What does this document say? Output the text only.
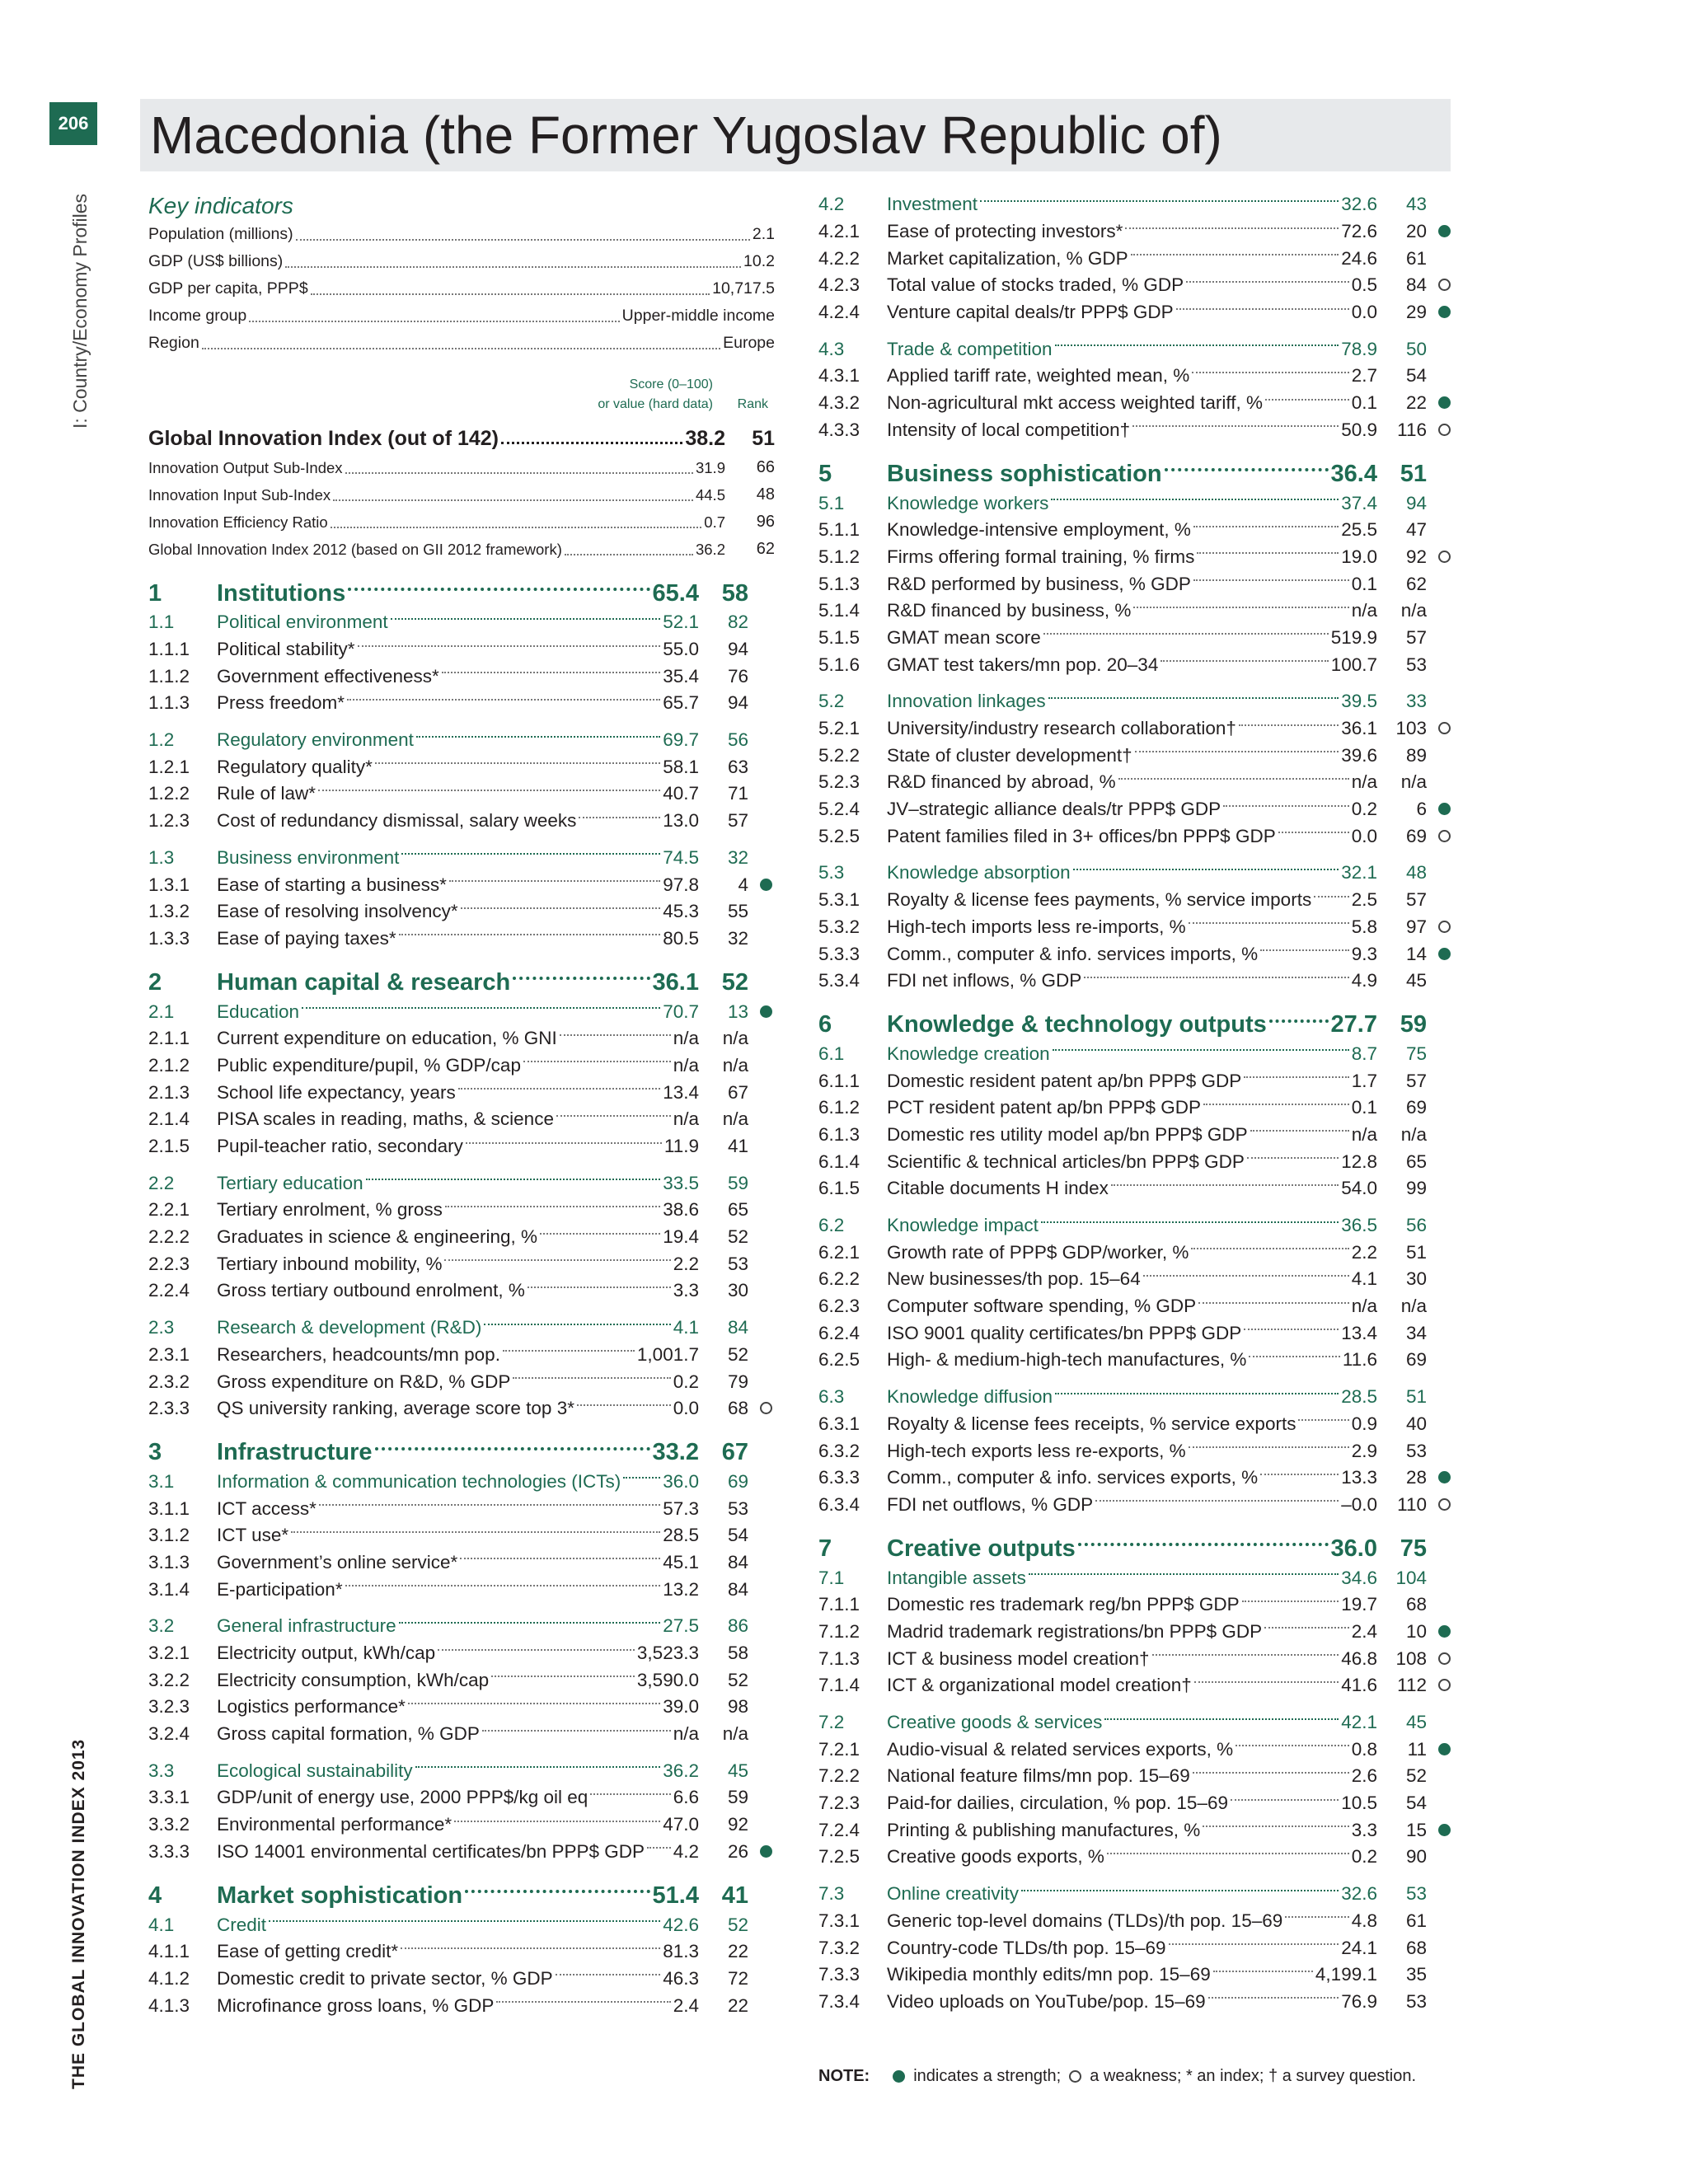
206
I: Country/Economy Profiles
THE GLOBAL INNOVATION INDEX 2013
Macedonia (the Former Yugoslav Republic of)
Key indicators
Population (millions)	2.1
GDP (US$ billions)	10.2
GDP per capita, PPP$	10,717.5
Income group	Upper-middle income
Region	Europe
Score (0–100)
or value (hard data) Rank
Global Innovation Index (out of 142)	38.2	51
Innovation Output Sub-Index	31.9	66
Innovation Input Sub-Index	44.5	48
Innovation Efficiency Ratio	0.7	96
Global Innovation Index 2012 (based on GII 2012 framework)	36.2	62
1	Institutions	65.4 58
1.1	Political environment	52.1	82
1.1.1	Political stability*	55.0	94
1.1.2	Government effectiveness*	35.4	76
1.1.3	Press freedom*	65.7	94
1.2	Regulatory environment	69.7	56
1.2.1	Regulatory quality*	58.1	63
1.2.2	Rule of law*	40.7	71
1.2.3	Cost of redundancy dismissal, salary weeks	13.0	57
1.3	Business environment	74.5	32
1.3.1	Ease of starting a business*	97.8	4
1.3.2	Ease of resolving insolvency*	45.3	55
1.3.3	Ease of paying taxes*	80.5	32
2	Human capital & research	36.1 52
2.1	Education	70.7	13
2.1.1	Current expenditure on education, % GNI	n/a	n/a
2.1.2	Public expenditure/pupil, % GDP/cap	n/a	n/a
2.1.3	School life expectancy, years	13.4	67
2.1.4	PISA scales in reading, maths, & science	n/a	n/a
2.1.5	Pupil-teacher ratio, secondary	11.9	41
2.2	Tertiary education	33.5	59
2.2.1	Tertiary enrolment, % gross	38.6	65
2.2.2	Graduates in science & engineering, %	19.4	52
2.2.3	Tertiary inbound mobility, %	2.2	53
2.2.4	Gross tertiary outbound enrolment, %	3.3	30
2.3	Research & development (R&D)	4.1	84
2.3.1	Researchers, headcounts/mn pop.	1,001.7	52
2.3.2	Gross expenditure on R&D, % GDP	0.2	79
2.3.3	QS university ranking, average score top 3*	0.0	68
3	Infrastructure	33.2 67
3.1	Information & communication technologies (ICTs) 36.0	69
3.1.1	ICT access*	57.3	53
3.1.2	ICT use*	28.5	54
3.1.3	Government’s online service*	45.1	84
3.1.4	E-participation*	13.2	84
3.2	General infrastructure	27.5	86
3.2.1	Electricity output, kWh/cap	3,523.3	58
3.2.2	Electricity consumption, kWh/cap	3,590.0	52
3.2.3	Logistics performance*	39.0	98
3.2.4	Gross capital formation, % GDP	n/a	n/a
3.3	Ecological sustainability	36.2	45
3.3.1	GDP/unit of energy use, 2000 PPP$/kg oil eq	6.6	59
3.3.2	Environmental performance*	47.0	92
3.3.3	ISO 14001 environmental certificates/bn PPP$ GDP 4.2	26
4	Market sophistication	51.4 41
4.1	Credit	42.6	52
4.1.1	Ease of getting credit*	81.3	22
4.1.2	Domestic credit to private sector, % GDP	46.3	72
4.1.3	Microfinance gross loans, % GDP	2.4	22
4.2	Investment	32.6	43
4.2.1	Ease of protecting investors*	72.6	20
4.2.2	Market capitalization, % GDP	24.6	61
4.2.3	Total value of stocks traded, % GDP	0.5	84
4.2.4	Venture capital deals/tr PPP$ GDP	0.0	29
4.3	Trade & competition	78.9	50
4.3.1	Applied tariff rate, weighted mean, %	2.7	54
4.3.2	Non-agricultural mkt access weighted tariff, %	0.1	22
4.3.3	Intensity of local competition†	50.9	116
5	Business sophistication	36.4 51
5.1	Knowledge workers	37.4	94
5.1.1	Knowledge-intensive employment, %	25.5	47
5.1.2	Firms offering formal training, % firms	19.0	92
5.1.3	R&D performed by business, % GDP	0.1	62
5.1.4	R&D financed by business, %	n/a	n/a
5.1.5	GMAT mean score	519.9	57
5.1.6	GMAT test takers/mn pop. 20–34	100.7	53
5.2	Innovation linkages	39.5	33
5.2.1	University/industry research collaboration†	36.1 103
5.2.2	State of cluster development†	39.6	89
5.2.3	R&D financed by abroad, %	n/a	n/a
5.2.4	JV–strategic alliance deals/tr PPP$ GDP	0.2	6
5.2.5	Patent families filed in 3+ offices/bn PPP$ GDP	0.0	69
5.3	Knowledge absorption	32.1	48
5.3.1	Royalty & license fees payments, % service imports 2.5	57
5.3.2	High-tech imports less re-imports, %	5.8	97
5.3.3	Comm., computer & info. services imports, %	9.3	14
5.3.4	FDI net inflows, % GDP	4.9	45
6	Knowledge & technology outputs	27.7 59
6.1	Knowledge creation	8.7	75
6.1.1	Domestic resident patent ap/bn PPP$ GDP	1.7	57
6.1.2	PCT resident patent ap/bn PPP$ GDP	0.1	69
6.1.3	Domestic res utility model ap/bn PPP$ GDP	n/a	n/a
6.1.4	Scientific & technical articles/bn PPP$ GDP	12.8	65
6.1.5	Citable documents H index	54.0	99
6.2	Knowledge impact	36.5	56
6.2.1	Growth rate of PPP$ GDP/worker, %	2.2	51
6.2.2	New businesses/th pop. 15–64	4.1	30
6.2.3	Computer software spending, % GDP	n/a	n/a
6.2.4	ISO 9001 quality certificates/bn PPP$ GDP	13.4	34
6.2.5	High- & medium-high-tech manufactures, %	11.6	69
6.3	Knowledge diffusion	28.5	51
6.3.1	Royalty & license fees receipts, % service exports	0.9	40
6.3.2	High-tech exports less re-exports, %	2.9	53
6.3.3	Comm., computer & info. services exports, %	13.3	28
6.3.4	FDI net outflows, % GDP	–0.0	110
7	Creative outputs	36.0 75
7.1	Intangible assets	34.6 104
7.1.1	Domestic res trademark reg/bn PPP$ GDP	19.7	68
7.1.2	Madrid trademark registrations/bn PPP$ GDP	2.4	10
7.1.3	ICT & business model creation†	46.8 108
7.1.4	ICT & organizational model creation†	41.6	112
7.2	Creative goods & services	42.1	45
7.2.1	Audio-visual & related services exports, %	0.8	11
7.2.2	National feature films/mn pop. 15–69	2.6	52
7.2.3	Paid-for dailies, circulation, % pop. 15–69	10.5	54
7.2.4	Printing & publishing manufactures, %	3.3	15
7.2.5	Creative goods exports, %	0.2	90
7.3	Online creativity	32.6	53
7.3.1	Generic top-level domains (TLDs)/th pop. 15–69	4.8	61
7.3.2	Country-code TLDs/th pop. 15–69	24.1	68
7.3.3	Wikipedia monthly edits/mn pop. 15–69	4,199.1	35
7.3.4	Video uploads on YouTube/pop. 15–69	76.9	53
NOTE:	indicates a strength; a weakness; * an index; † a survey question.
